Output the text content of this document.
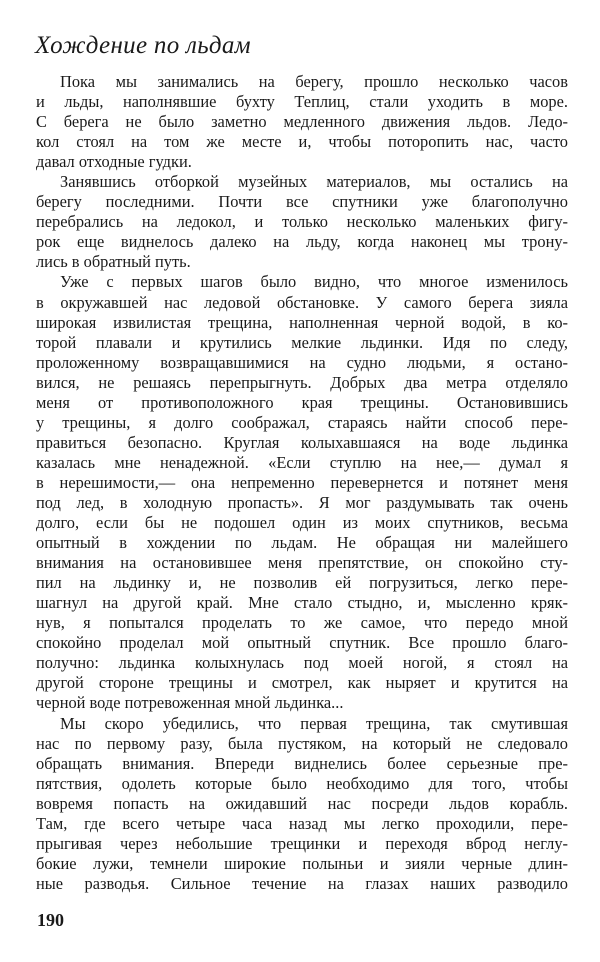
Хождение по льдам
Пока мы занимались на берегу, прошло несколько часов
и льды, наполнявшие бухту Теплиц, стали уходить в море.
С берега не было заметно медленного движения льдов. Ледо-
кол стоял на том же месте и, чтобы поторопить нас, часто
давал отходные гудки.
Занявшись отборкой музейных материалов, мы остались на
берегу последними. Почти все спутники уже благополучно
перебрались на ледокол, и только несколько маленьких фигу-
рок еще виднелось далеко на льду, когда наконец мы трону-
лись в обратный путь.
Уже с первых шагов было видно, что многое изменилось
в окружавшей нас ледовой обстановке. У самого берега зияла
широкая извилистая трещина, наполненная черной водой, в ко-
торой плавали и крутились мелкие льдинки. Идя по следу,
проложенному возвращавшимися на судно людьми, я остано-
вился, не решаясь перепрыгнуть. Добрых два метра отделяло
меня от противоположного края трещины. Остановившись
у трещины, я долго соображал, стараясь найти способ пере-
правиться безопасно. Круглая колыхавшаяся на воде льдинка
казалась мне ненадежной. «Если ступлю на нее,— думал я
в нерешимости,— она непременно перевернется и потянет меня
под лед, в холодную пропасть». Я мог раздумывать так очень
долго, если бы не подошел один из моих спутников, весьма
опытный в хождении по льдам. Не обращая ни малейшего
внимания на остановившее меня препятствие, он спокойно сту-
пил на льдинку и, не позволив ей погрузиться, легко пере-
шагнул на другой край. Мне стало стыдно, и, мысленно кряк-
нув, я попытался проделать то же самое, что передо мной
спокойно проделал мой опытный спутник. Все прошло благо-
получно: льдинка колыхнулась под моей ногой, я стоял на
другой стороне трещины и смотрел, как ныряет и крутится на
черной воде потревоженная мной льдинка...
Мы скоро убедились, что первая трещина, так смутившая
нас по первому разу, была пустяком, на который не следовало
обращать внимания. Впереди виднелись более серьезные пре-
пятствия, одолеть которые было необходимо для того, чтобы
вовремя попасть на ожидавший нас посреди льдов корабль.
Там, где всего четыре часа назад мы легко проходили, пере-
прыгивая через небольшие трещинки и переходя вброд неглу-
бокие лужи, темнели широкие полыньи и зияли черные длин-
ные разводья. Сильное течение на глазах наших разводило
190
